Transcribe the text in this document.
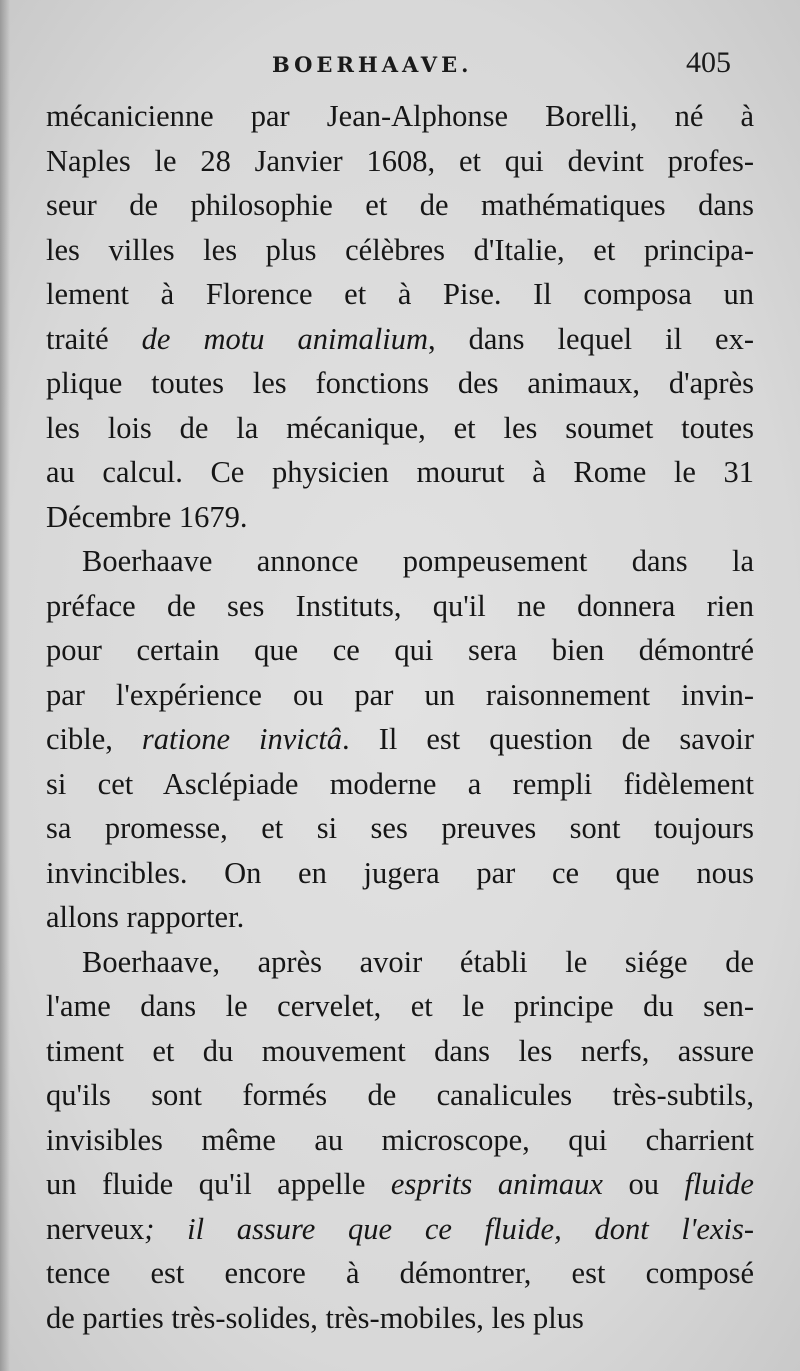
BOERHAAVE.	405
mécanicienne par Jean-Alphonse Borelli, né à
Naples le 28 Janvier 1608, et qui devint profes-
seur de philosophie et de mathématiques dans
les villes les plus célèbres d'Italie, et principa-
lement à Florence et à Pise. Il composa un
traité de motu animalium, dans lequel il ex-
plique toutes les fonctions des animaux, d'après
les lois de la mécanique, et les soumet toutes
au calcul. Ce physicien mourut à Rome le 31
Décembre 1679.
Boerhaave annonce pompeusement dans la
préface de ses Instituts, qu'il ne donnera rien
pour certain que ce qui sera bien démontré
par l'expérience ou par un raisonnement invin-
cible, ratione invictâ. Il est question de savoir
si cet Asclépiade moderne a rempli fidèlement
sa promesse, et si ses preuves sont toujours
invincibles. On en jugera par ce que nous
allons rapporter.
Boerhaave, après avoir établi le siége de
l'ame dans le cervelet, et le principe du sen-
timent et du mouvement dans les nerfs, assure
qu'ils sont formés de canalicules très-subtils,
invisibles même au microscope, qui charrient
un fluide qu'il appelle esprits animaux ou fluide
nerveux; il assure que ce fluide, dont l'exis-
tence est encore à démontrer, est composé
de parties très-solides, très-mobiles, les plus
